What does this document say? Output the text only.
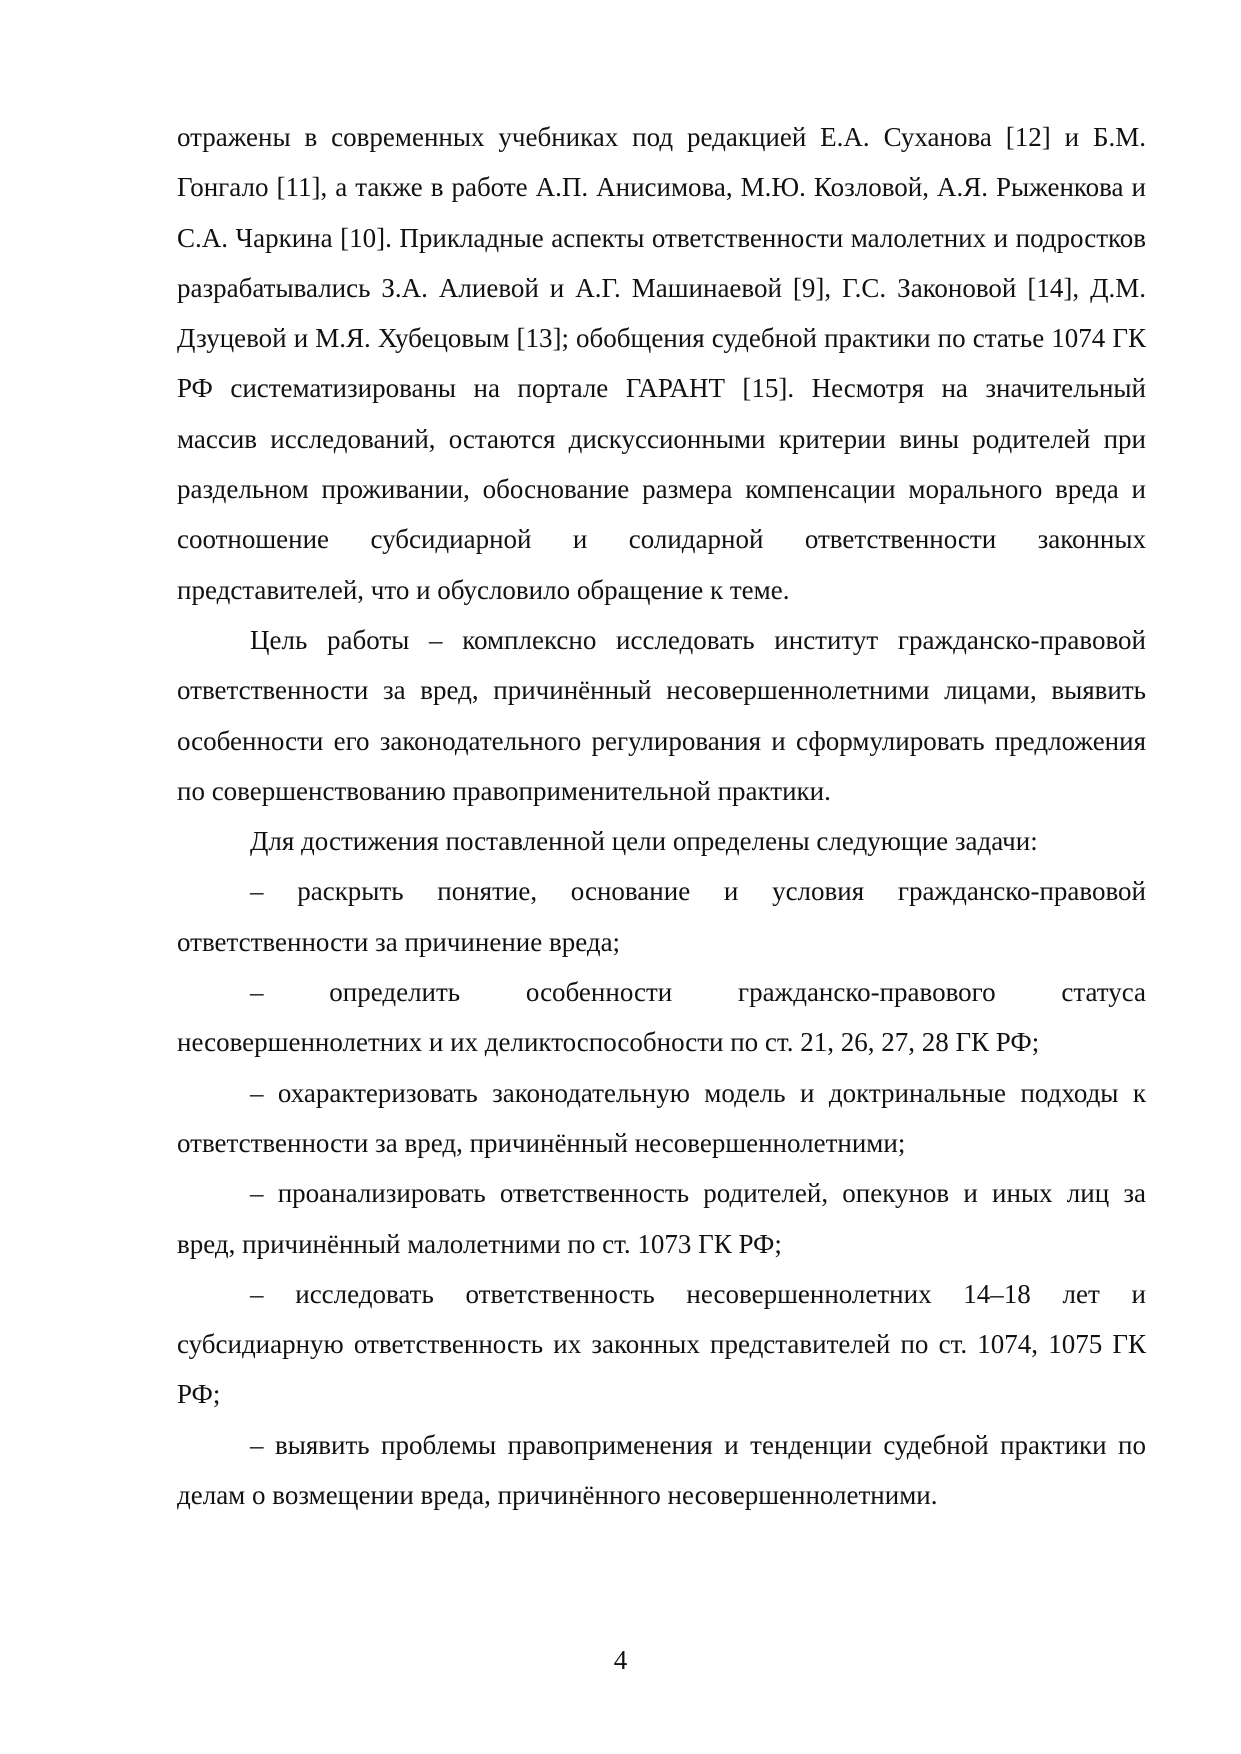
отражены в современных учебниках под редакцией Е.А. Суханова [12] и Б.М. Гонгало [11], а также в работе А.П. Анисимова, М.Ю. Козловой, А.Я. Рыженкова и С.А. Чаркина [10]. Прикладные аспекты ответственности малолетних и подростков разрабатывались З.А. Алиевой и А.Г. Машинаевой [9], Г.С. Законовой [14], Д.М. Дзуцевой и М.Я. Хубецовым [13]; обобщения судебной практики по статье 1074 ГК РФ систематизированы на портале ГАРАНТ [15]. Несмотря на значительный массив исследований, остаются дискуссионными критерии вины родителей при раздельном проживании, обоснование размера компенсации морального вреда и соотношение субсидиарной и солидарной ответственности законных представителей, что и обусловило обращение к теме.

Цель работы – комплексно исследовать институт гражданско-правовой ответственности за вред, причинённый несовершеннолетними лицами, выявить особенности его законодательного регулирования и сформулировать предложения по совершенствованию правоприменительной практики.

Для достижения поставленной цели определены следующие задачи:

– раскрыть понятие, основание и условия гражданско-правовой ответственности за причинение вреда;

– определить особенности гражданско-правового статуса несовершеннолетних и их деликтоспособности по ст. 21, 26, 27, 28 ГК РФ;

– охарактеризовать законодательную модель и доктринальные подходы к ответственности за вред, причинённый несовершеннолетними;

– проанализировать ответственность родителей, опекунов и иных лиц за вред, причинённый малолетними по ст. 1073 ГК РФ;

– исследовать ответственность несовершеннолетних 14–18 лет и субсидиарную ответственность их законных представителей по ст. 1074, 1075 ГК РФ;

– выявить проблемы правоприменения и тенденции судебной практики по делам о возмещении вреда, причинённого несовершеннолетними.

4
